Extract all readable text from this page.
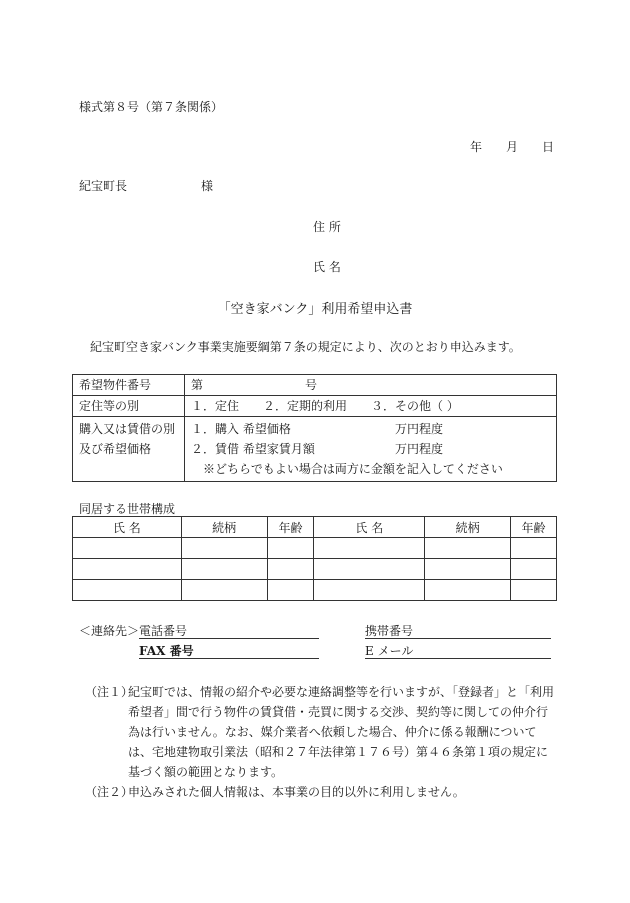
様式第８号（第７条関係）
年 月 日
紀宝町長	様
住 所
氏 名
「空き家バンク」利用希望申込書
紀宝町空き家バンク事業実施要綱第７条の規定により、次のとおり申込みます。
希望物件番号	第 号

定住等の別	１．定住 ２．定期的利用 ３．その他（ ）

購入又は賃借の別
及び希望価格	１．購入 希望価格 万円程度
２．賃借 希望家賃月額 万円程度
※どちらでもよい場合は両方に金額を記入してください
同居する世帯構成
氏 名	続柄	年齢	氏 名	続柄	年齢

＜連絡先＞ 電話番号	携帯番号
FAX 番号	E メール
（注１）
紀宝町では、情報の紹介や必要な連絡調整等を行いますが、「登録者」と「利用希望者」間で行う物件の賃貸借・売買に関する交渉、契約等に関しての仲介行為は行いません。なお、媒介業者へ依頼した場合、仲介に係る報酬については、宅地建物取引業法（昭和２７年法律第１７６号）第４６条第１項の規定に基づく額の範囲となります。
（注２）
申込みされた個人情報は、本事業の目的以外に利用しません。
